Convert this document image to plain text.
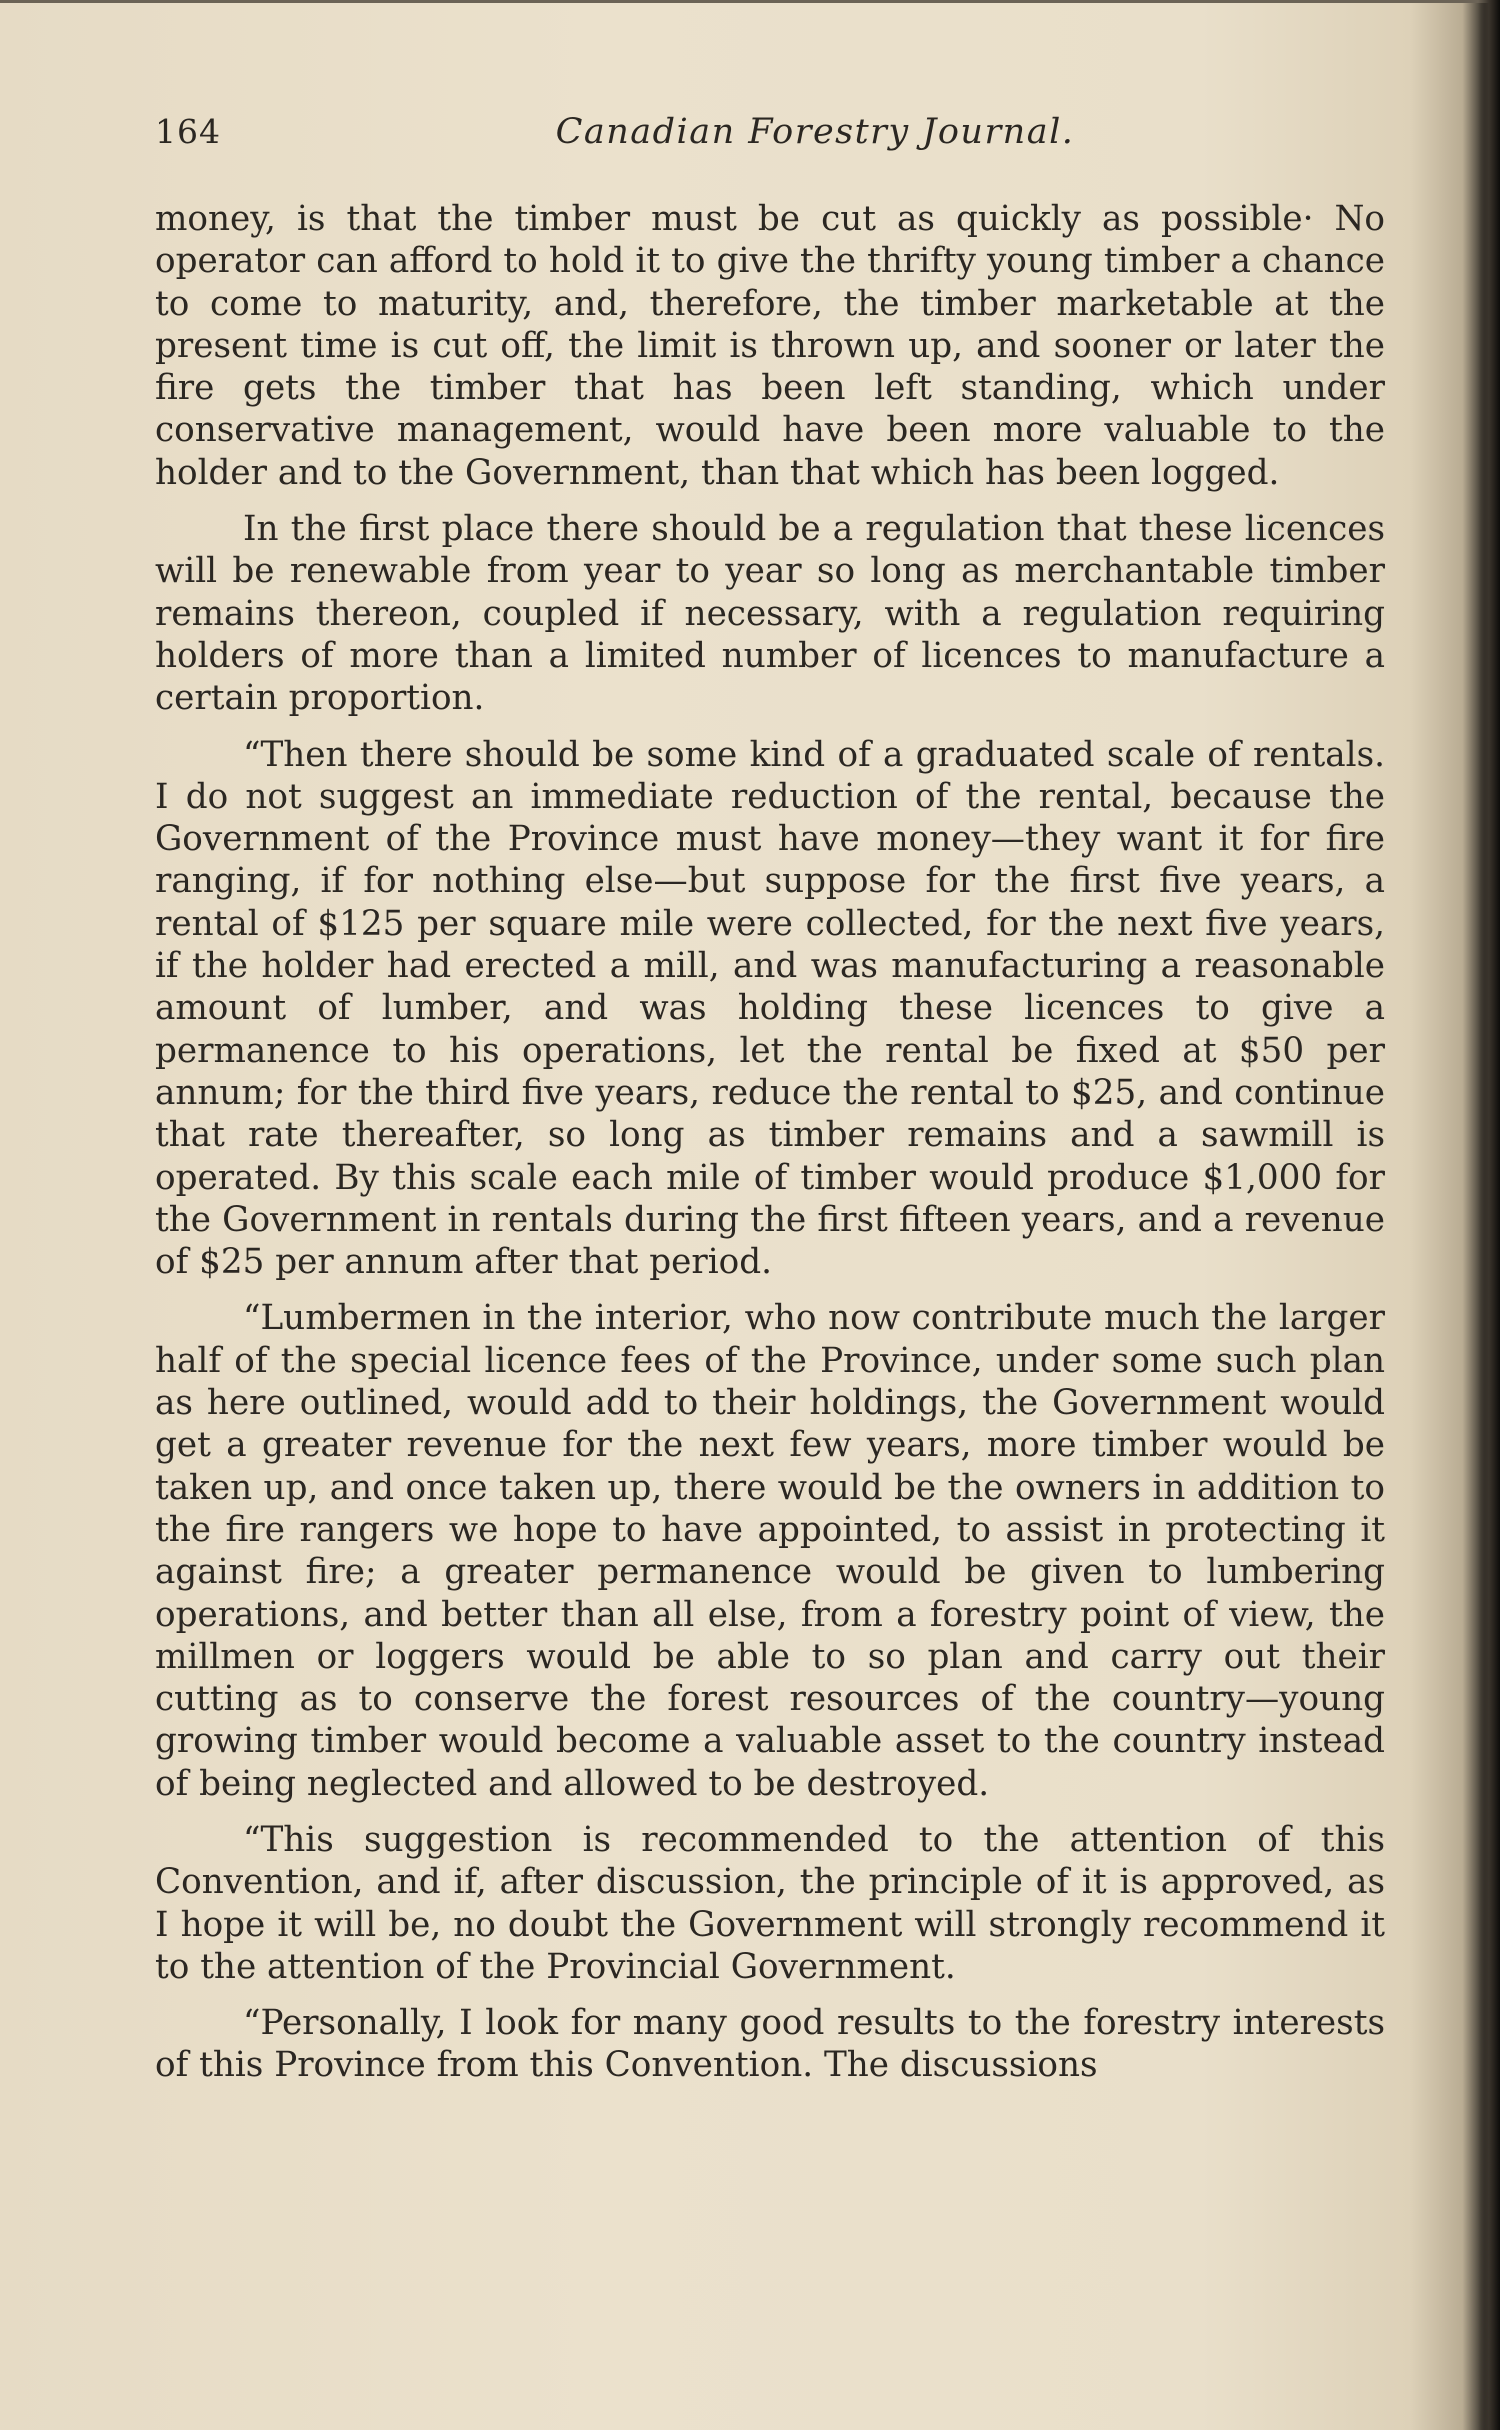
164	Canadian Forestry Journal.

money, is that the timber must be cut as quickly as possible· No operator can afford to hold it to give the thrifty young timber a chance to come to maturity, and, therefore, the timber marketable at the present time is cut off, the limit is thrown up, and sooner or later the fire gets the timber that has been left standing, which under conservative management, would have been more valuable to the holder and to the Government, than that which has been logged.

In the first place there should be a regulation that these licences will be renewable from year to year so long as merchantable timber remains thereon, coupled if necessary, with a regulation requiring holders of more than a limited number of licences to manufacture a certain proportion.

“Then there should be some kind of a graduated scale of rentals. I do not suggest an immediate reduction of the rental, because the Government of the Province must have money—they want it for fire ranging, if for nothing else—but suppose for the first five years, a rental of $125 per square mile were collected, for the next five years, if the holder had erected a mill, and was manufacturing a reasonable amount of lumber, and was holding these licences to give a permanence to his operations, let the rental be fixed at $50 per annum; for the third five years, reduce the rental to $25, and continue that rate thereafter, so long as timber remains and a sawmill is operated. By this scale each mile of timber would produce $1,000 for the Government in rentals during the first fifteen years, and a revenue of $25 per annum after that period.

“Lumbermen in the interior, who now contribute much the larger half of the special licence fees of the Province, under some such plan as here outlined, would add to their holdings, the Government would get a greater revenue for the next few years, more timber would be taken up, and once taken up, there would be the owners in addition to the fire rangers we hope to have appointed, to assist in protecting it against fire; a greater permanence would be given to lumbering operations, and better than all else, from a forestry point of view, the millmen or loggers would be able to so plan and carry out their cutting as to conserve the forest resources of the country—young growing timber would become a valuable asset to the country instead of being neglected and allowed to be destroyed.

“This suggestion is recommended to the attention of this Convention, and if, after discussion, the principle of it is approved, as I hope it will be, no doubt the Government will strongly recommend it to the attention of the Provincial Government.

“Personally, I look for many good results to the forestry interests of this Province from this Convention. The discussions
